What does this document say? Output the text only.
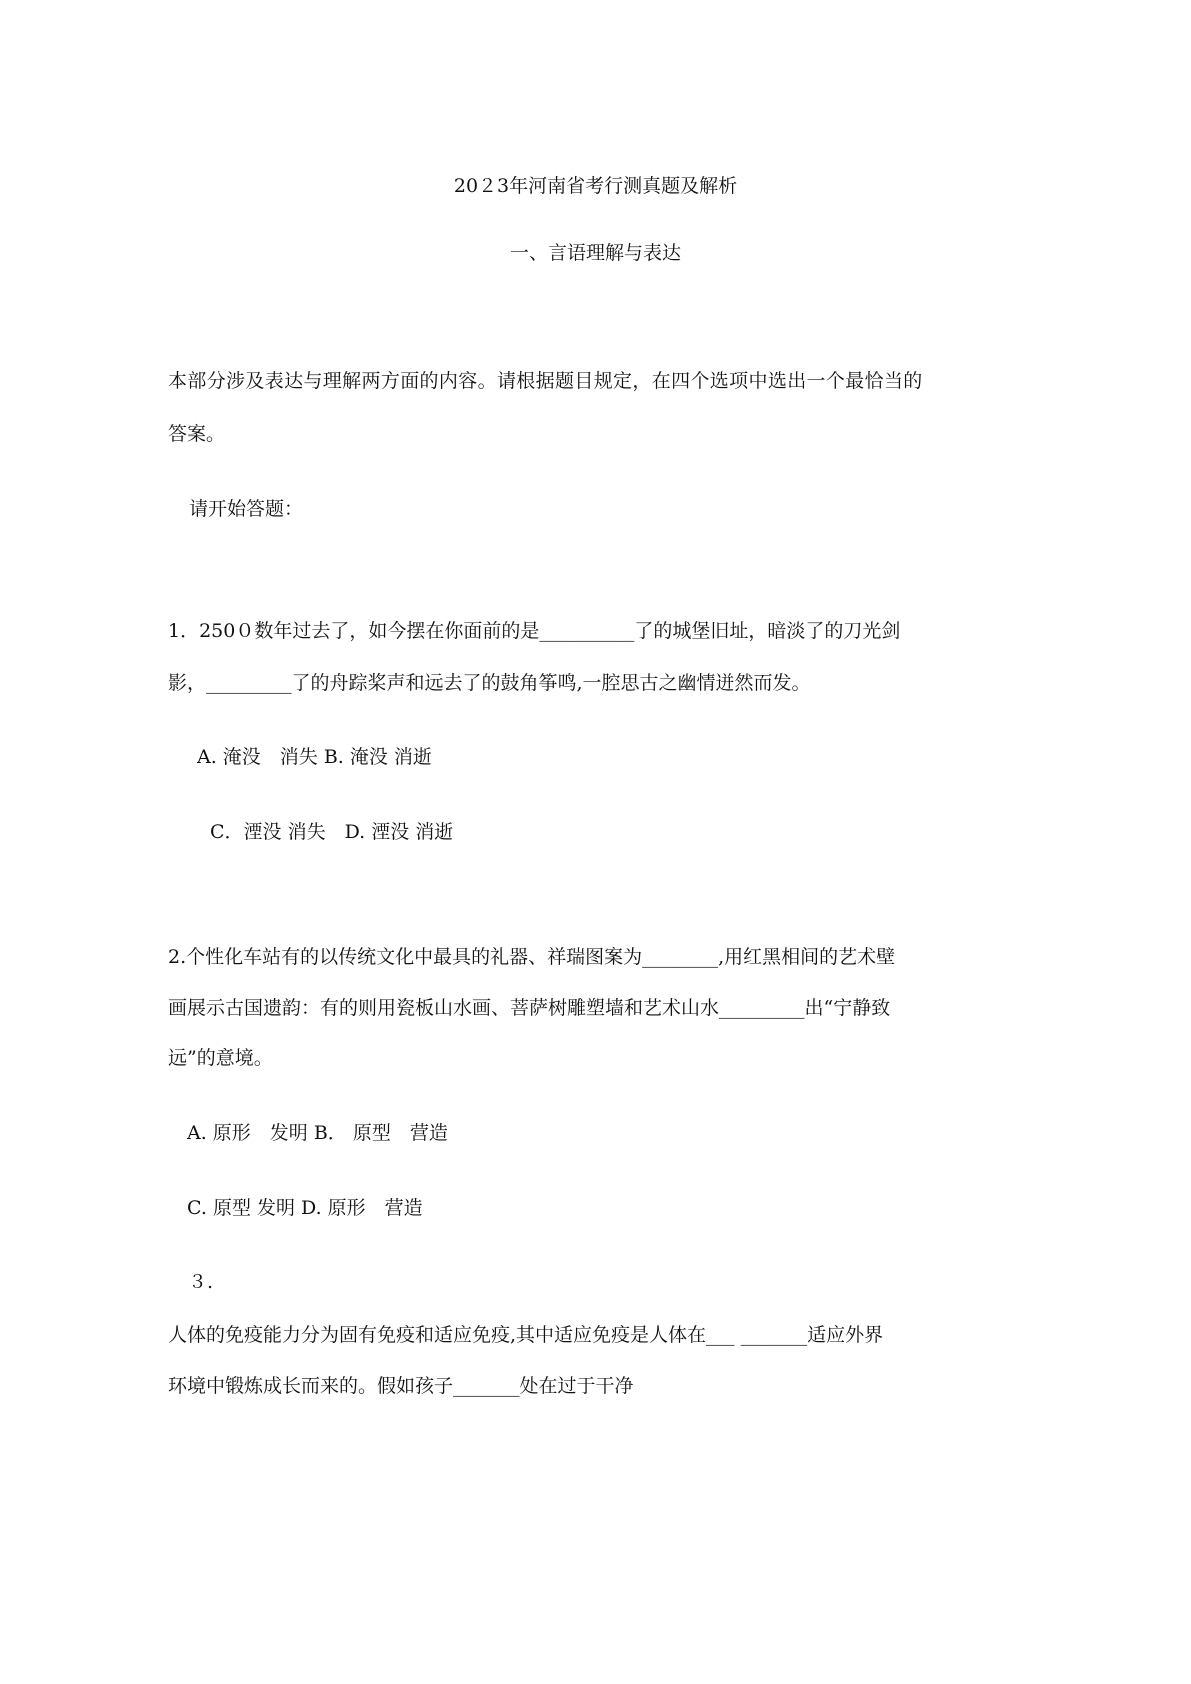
20２3年河南省考行测真题及解析
一、言语理解与表达
本部分涉及表达与理解两方面的内容。请根据题目规定，在四个选项中选出一个最恰当的
答案。
请开始答题：
1．250０数年过去了，如今摆在你面前的是__________了的城堡旧址，暗淡了的刀光剑
影，_________了的舟踪桨声和远去了的鼓角筝鸣,一腔思古之幽情迸然而发。
A. 淹没　消失 B. 淹没 消逝
C．湮没 消失　D. 湮没 消逝
2.个性化车站有的以传统文化中最具的礼器、祥瑞图案为________,用红黑相间的艺术壁
画展示古国遗韵：有的则用瓷板山水画、菩萨树雕塑墙和艺术山水_________出“宁静致
远”的意境。
A. 原形　发明 B． 原型　营造
C. 原型 发明 D. 原形　营造
３.
人体的免疫能力分为固有免疫和适应免疫,其中适应免疫是人体在___ _______适应外界
环境中锻炼成长而来的。假如孩子_______处在过于干净
